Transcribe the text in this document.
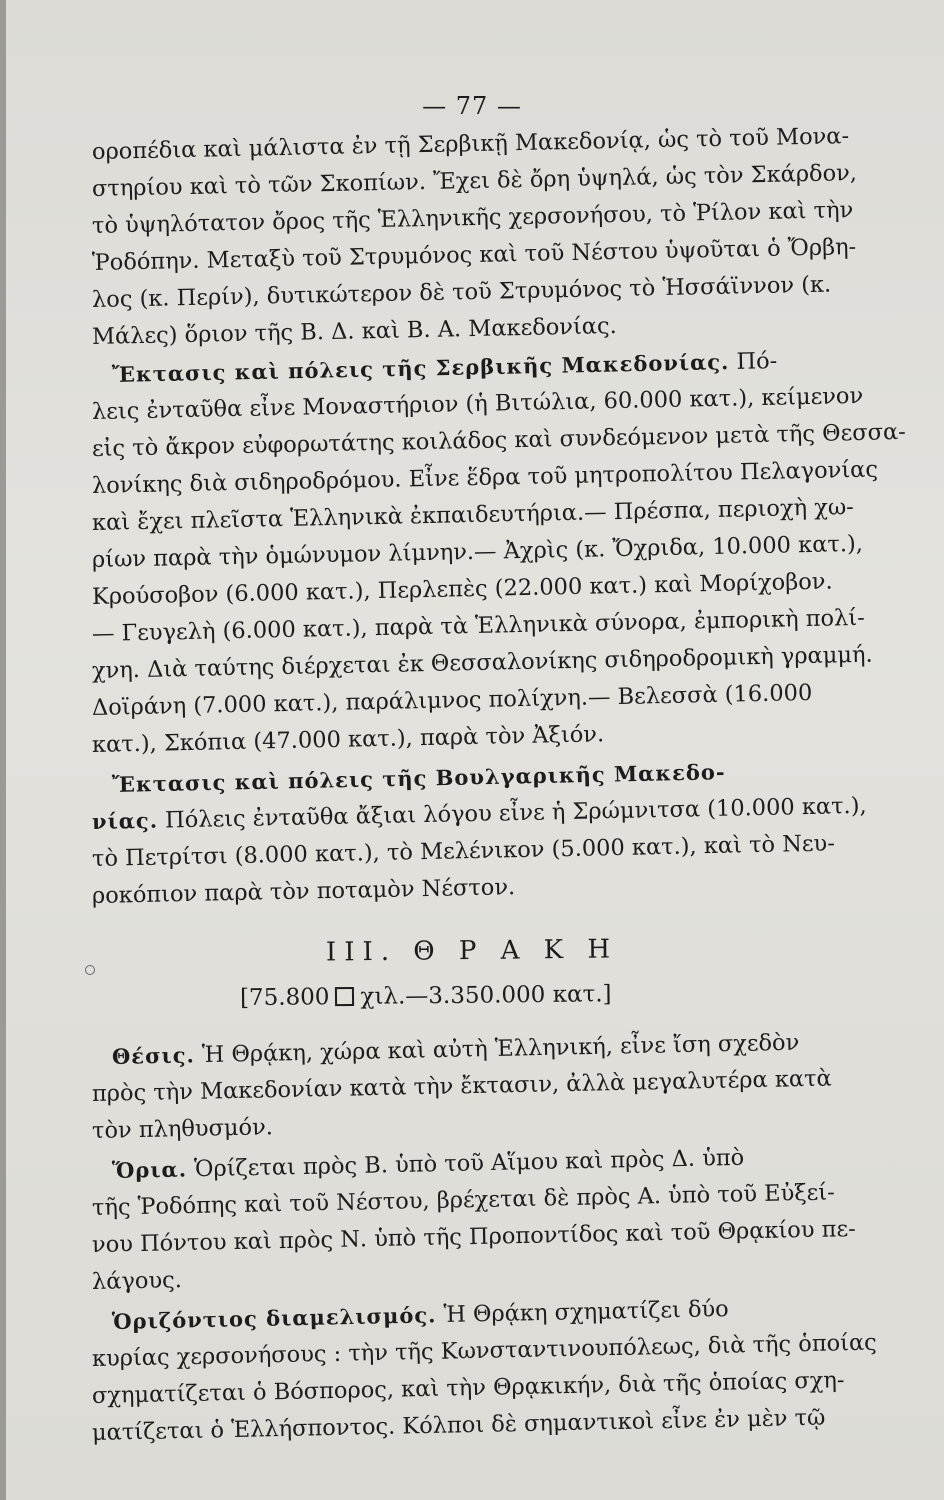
— 77 —
οροπέδια καὶ μάλιστα ἐν τῇ Σερβικῇ Μακεδονίᾳ, ὡς τὸ τοῦ Μονα-
στηρίου καὶ τὸ τῶν Σκοπίων. Ἔχει δὲ ὄρη ὑψηλά, ὡς τὸν Σκάρδον,
τὸ ὑψηλότατον ὄρος τῆς Ἑλληνικῆς χερσονήσου, τὸ Ῥίλον καὶ τὴν
Ῥοδόπην. Μεταξὺ τοῦ Στρυμόνος καὶ τοῦ Νέστου ὑψοῦται ὁ Ὄρβη-
λος (κ. Περίν), δυτικώτερον δὲ τοῦ Στρυμόνος τὸ Ἡσσάϊννον (κ.
Μάλες) ὅριον τῆς Β. Δ. καὶ Β. Α. Μακεδονίας.
Ἔκτασις καὶ πόλεις τῆς Σερβικῆς Μακεδονίας. Πό-
λεις ἐνταῦθα εἶνε Μοναστήριον (ἡ Βιτώλια, 60.000 κατ.), κείμενον
εἰς τὸ ἄκρον εὐφορωτάτης κοιλάδος καὶ συνδεόμενον μετὰ τῆς Θεσσα-
λονίκης διὰ σιδηροδρόμου. Εἶνε ἕδρα τοῦ μητροπολίτου Πελαγονίας
καὶ ἔχει πλεῖστα Ἑλληνικὰ ἐκπαιδευτήρια.— Πρέσπα, περιοχὴ χω-
ρίων παρὰ τὴν ὁμώνυμον λίμνην.— Ἀχρὶς (κ. Ὄχριδα, 10.000 κατ.),
Κρούσοβον (6.000 κατ.), Περλεπὲς (22.000 κατ.) καὶ Μορίχοβον.
— Γευγελὴ (6.000 κατ.), παρὰ τὰ Ἑλληνικὰ σύνορα, ἐμπορικὴ πολί-
χνη. Διὰ ταύτης διέρχεται ἐκ Θεσσαλονίκης σιδηροδρομικὴ γραμμή.
Δοϊράνη (7.000 κατ.), παράλιμνος πολίχνη.— Βελεσσὰ (16.000
κατ.), Σκόπια (47.000 κατ.), παρὰ τὸν Ἀξιόν.
Ἔκτασις καὶ πόλεις τῆς Βουλγαρικῆς Μακεδο-
νίας. Πόλεις ἐνταῦθα ἄξιαι λόγου εἶνε ἡ Σρώμνιτσα (10.000 κατ.),
τὸ Πετρίτσι (8.000 κατ.), τὸ Μελένικον (5.000 κατ.), καὶ τὸ Νευ-
ροκόπιον παρὰ τὸν ποταμὸν Νέστον.
III. Θ Ρ Α Κ Η
[75.800 χιλ.—3.350.000 κατ.]
Θέσις. Ἡ Θρᾴκη, χώρα καὶ αὐτὴ Ἑλληνική, εἶνε ἴση σχεδὸν
πρὸς τὴν Μακεδονίαν κατὰ τὴν ἔκτασιν, ἀλλὰ μεγαλυτέρα κατὰ
τὸν πληθυσμόν.
Ὅρια. Ὁρίζεται πρὸς Β. ὑπὸ τοῦ Αἵμου καὶ πρὸς Δ. ὑπὸ
τῆς Ῥοδόπης καὶ τοῦ Νέστου, βρέχεται δὲ πρὸς Α. ὑπὸ τοῦ Εὐξεί-
νου Πόντου καὶ πρὸς Ν. ὑπὸ τῆς Προποντίδος καὶ τοῦ Θρᾳκίου πε-
λάγους.
Ὁριζόντιος διαμελισμός. Ἡ Θρᾴκη σχηματίζει δύο
κυρίας χερσονήσους : τὴν τῆς Κωνσταντινουπόλεως, διὰ τῆς ὁποίας
σχηματίζεται ὁ Βόσπορος, καὶ τὴν Θρᾳκικήν, διὰ τῆς ὁποίας σχη-
ματίζεται ὁ Ἑλλήσποντος. Κόλποι δὲ σημαντικοὶ εἶνε ἐν μὲν τῷ
